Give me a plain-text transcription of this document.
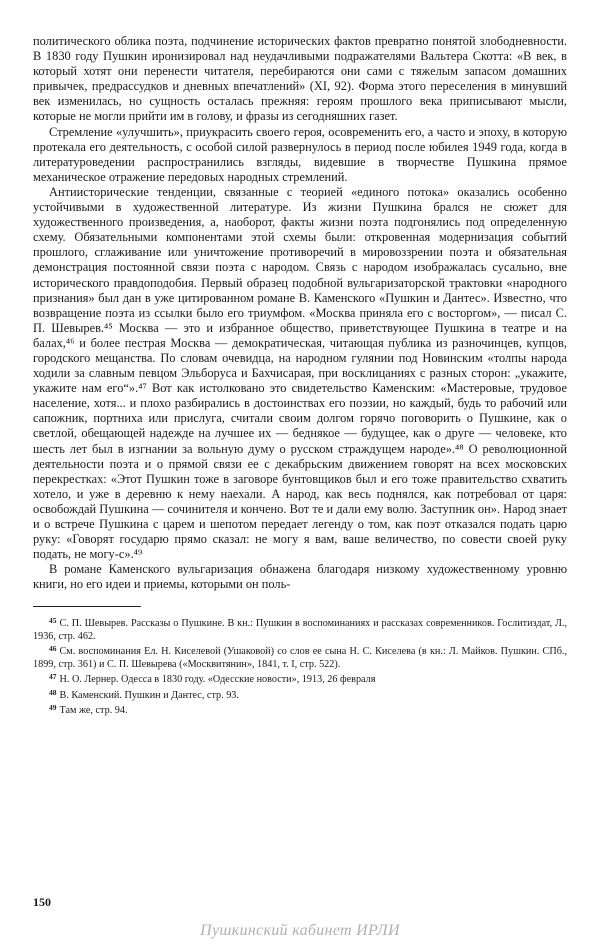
политического облика поэта, подчинение исторических фактов превратно понятой злободневности. В 1830 году Пушкин иронизировал над неудачливыми подражателями Вальтера Скотта: «В век, в который хотят они перенести читателя, перебираются они сами с тяжелым запасом домашних привычек, предрассудков и дневных впечатлений» (XI, 92). Форма этого переселения в минувший век изменилась, но сущность осталась прежняя: героям прошлого века приписывают мысли, которые не могли прийти им в голову, и фразы из сегодняшних газет.

Стремление «улучшить», приукрасить своего героя, осовременить его, а часто и эпоху, в которую протекала его деятельность, с особой силой развернулось в период после юбилея 1949 года, когда в литературоведении распространились взгляды, видевшие в творчестве Пушкина прямое механическое отражение передовых народных стремлений.

Антиисторические тенденции, связанные с теорией «единого потока» оказались особенно устойчивыми в художественной литературе. Из жизни Пушкина брался не сюжет для художественного произведения, а, наоборот, факты жизни поэта подгонялись под определенную схему. Обязательными компонентами этой схемы были: откровенная модернизация событий прошлого, сглаживание или уничтожение противоречий в мировоззрении поэта и обязательная демонстрация постоянной связи поэта с народом. Связь с народом изображалась сусально, вне исторического правдоподобия. Первый образец подобной вульгаризаторской трактовки «народного признания» был дан в уже цитированном романе В. Каменского «Пушкин и Дантес». Известно, что возвращение поэта из ссылки было его триумфом. «Москва приняла его с восторгом», — писал С. П. Шевырев.⁴⁵ Москва — это и избранное общество, приветствующее Пушкина в театре и на балах,⁴⁶ и более пестрая Москва — демократическая, читающая публика из разночинцев, купцов, городского мещанства. По словам очевидца, на народном гулянии под Новинским «толпы народа ходили за славным певцом Эльборуса и Бахчисарая, при восклицаниях с разных сторон: „укажите, укажите нам его“».⁴⁷ Вот как истолковано это свидетельство Каменским: «Мастеровые, трудовое население, хотя... и плохо разбирались в достоинствах его поэзии, но каждый, будь то рабочий или сапожник, портниха или прислуга, считали своим долгом горячо поговорить о Пушкине, как о светлой, обещающей надежде на лучшее их — беднякое — будущее, как о друге — человеке, кто шесть лет был в изгнании за вольную думу о русском страждущем народе».⁴⁸ О революционной деятельности поэта и о прямой связи ее с декабрьским движением говорят на всех московских перекрестках: «Этот Пушкин тоже в заговоре бунтовщиков был и его тоже правительство схватить хотело, и уже в деревню к нему наехали. А народ, как весь поднялся, как потребовал от царя: освобождай Пушкина — сочинителя и кончено. Вот те и дали ему волю. Заступник он». Народ знает и о встрече Пушкина с царем и шепотом передает легенду о том, как поэт отказался подать царю руку: «Говорят государю прямо сказал: не могу я вам, ваше величество, по совести своей руку подать, не могу-с».⁴⁹

В романе Каменского вульгаризация обнажена благодаря низкому художественному уровню книги, но его идеи и приемы, которыми он поль-

$^{45}$ С. П. Шевырев. Рассказы о Пушкине. В кн.: Пушкин в воспоминаниях и рассказах современников. Гослитиздат, Л., 1936, стр. 462.

$^{46}$ См. воспоминания Ел. Н. Киселевой (Ушаковой) со слов ее сына Н. С. Киселева (в кн.: Л. Майков. Пушкин. СПб., 1899, стр. 361) и С. П. Шевырева («Москвитянин», 1841, т. I, стр. 522).

$^{47}$ Н. О. Лернер. Одесса в 1830 году. «Одесские новости», 1913, 26 февраля

$^{48}$ В. Каменский. Пушкин и Дантес, стр. 93.

$^{49}$ Там же, стр. 94.

150
Пушкинский кабинет ИРЛИ
